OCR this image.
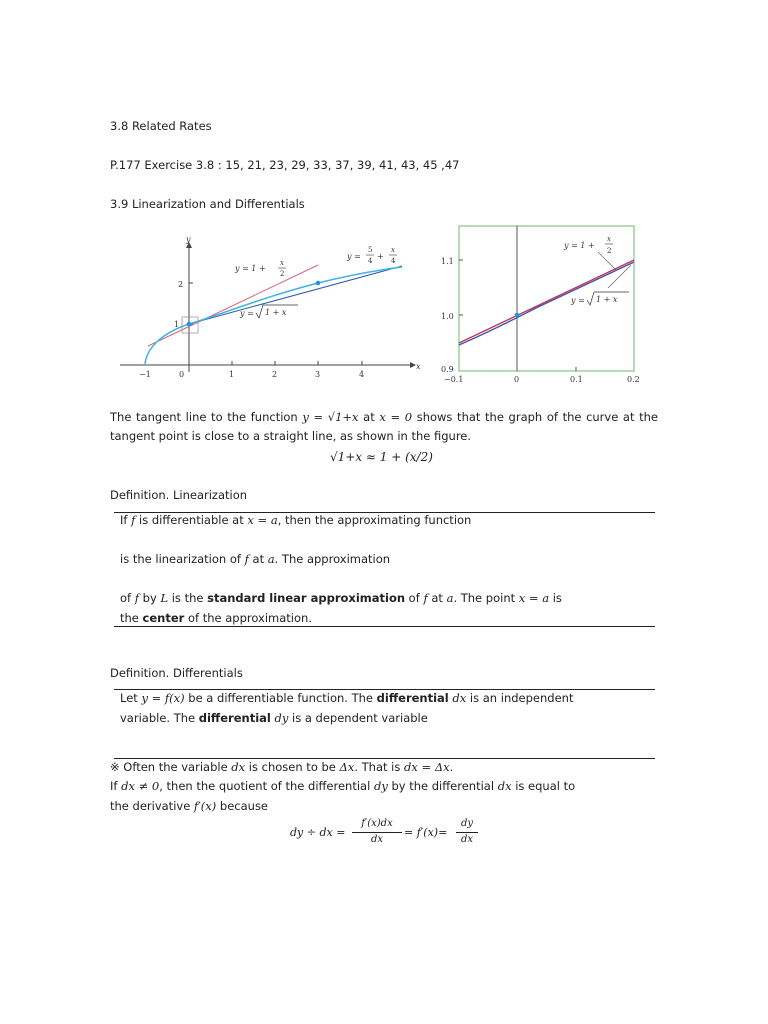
3.8 Related Rates
P.177 Exercise 3.8 : 15, 21, 23, 29, 33, 37, 39, 41, 43, 45 ,47
3.9 Linearization and Differentials
y
x
−1	0	1	2	3	4
1
2
y = 1 +
x
2
y =
5
4 +
x
4
y = 1 + x
1.1
1.0
0.9
−0.1	0	0.1	0.2
y = 1 +
x
2
y = 1 + x
The tangent line to the function y = √1+x at x = 0 shows that the graph of the curve at the tangent point is close to a straight line, as shown in the figure.
√1+x ≈ 1 + (x/2)
Definition. Linearization
If f is differentiable at x = a, then the approximating function
is the linearization of f at a. The approximation
of f by L is the standard linear approximation of f at a. The point x = a is
the center of the approximation.
Definition. Differentials
Let y = f(x) be a differentiable function. The differential dx is an independent
variable. The differential dy is a dependent variable
※ Often the variable dx is chosen to be Δx. That is dx = Δx.
If dx ≠ 0, then the quotient of the differential dy by the differential dx is equal to
the derivative f′(x) because
dy ÷ dx =
f′(x)dx
dx
= f′(x)=
dy
dx
